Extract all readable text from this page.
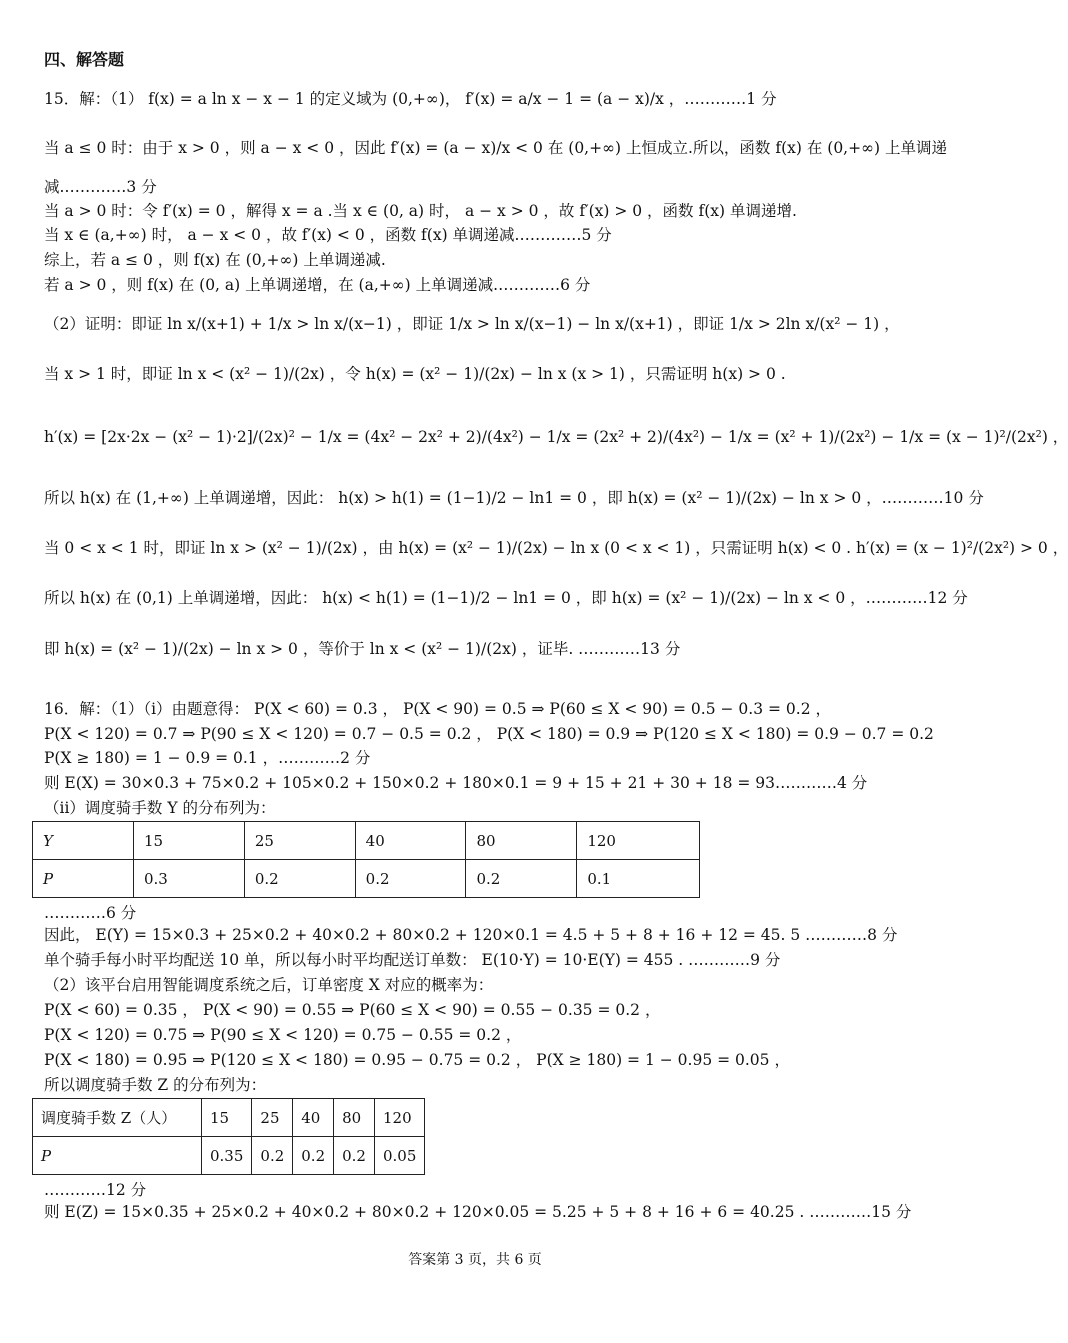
四、解答题
15．解：（1） f(x) = a ln x − x − 1 的定义域为 (0,+∞)， f′(x) = a/x − 1 = (a − x)/x ，…………1 分
当 a ≤ 0 时：由于 x > 0 ，则 a − x < 0 ，因此 f′(x) = (a − x)/x < 0 在 (0,+∞) 上恒成立.所以，函数 f(x) 在 (0,+∞) 上单调递
减.…………3 分
当 a > 0 时：令 f′(x) = 0 ，解得 x = a .当 x ∈ (0, a) 时， a − x > 0 ，故 f′(x) > 0 ，函数 f(x) 单调递增.
当 x ∈ (a,+∞) 时， a − x < 0 ，故 f′(x) < 0 ，函数 f(x) 单调递减.…………5 分
综上，若 a ≤ 0 ，则 f(x) 在 (0,+∞) 上单调递减.
若 a > 0 ，则 f(x) 在 (0, a) 上单调递增，在 (a,+∞) 上单调递减.…………6 分
（2）证明：即证 ln x/(x+1) + 1/x > ln x/(x−1) ，即证 1/x > ln x/(x−1) − ln x/(x+1) ，即证 1/x > 2ln x/(x² − 1) ，
当 x > 1 时，即证 ln x < (x² − 1)/(2x) ，令 h(x) = (x² − 1)/(2x) − ln x (x > 1) ，只需证明 h(x) > 0 .
h′(x) = [2x·2x − (x² − 1)·2]/(2x)² − 1/x = (4x² − 2x² + 2)/(4x²) − 1/x = (2x² + 2)/(4x²) − 1/x = (x² + 1)/(2x²) − 1/x = (x − 1)²/(2x²) ，
所以 h(x) 在 (1,+∞) 上单调递增，因此： h(x) > h(1) = (1−1)/2 − ln1 = 0 ，即 h(x) = (x² − 1)/(2x) − ln x > 0 ，…………10 分
当 0 < x < 1 时，即证 ln x > (x² − 1)/(2x) ，由 h(x) = (x² − 1)/(2x) − ln x (0 < x < 1) ，只需证明 h(x) < 0 . h′(x) = (x − 1)²/(2x²) > 0 ，
所以 h(x) 在 (0,1) 上单调递增，因此： h(x) < h(1) = (1−1)/2 − ln1 = 0 ，即 h(x) = (x² − 1)/(2x) − ln x < 0 ，…………12 分
即 h(x) = (x² − 1)/(2x) − ln x > 0 ，等价于 ln x < (x² − 1)/(2x) ，证毕. …………13 分
16．解：（1）（i）由题意得： P(X < 60) = 0.3 ， P(X < 90) = 0.5 ⇒ P(60 ≤ X < 90) = 0.5 − 0.3 = 0.2 ，
P(X < 120) = 0.7 ⇒ P(90 ≤ X < 120) = 0.7 − 0.5 = 0.2 ， P(X < 180) = 0.9 ⇒ P(120 ≤ X < 180) = 0.9 − 0.7 = 0.2
P(X ≥ 180) = 1 − 0.9 = 0.1 ，…………2 分
则 E(X) = 30×0.3 + 75×0.2 + 105×0.2 + 150×0.2 + 180×0.1 = 9 + 15 + 21 + 30 + 18 = 93…………4 分
（ii）调度骑手数 Y 的分布列为：
Y	15	25	40	80	120
P	0.3	0.2	0.2	0.2	0.1
…………6 分
因此， E(Y) = 15×0.3 + 25×0.2 + 40×0.2 + 80×0.2 + 120×0.1 = 4.5 + 5 + 8 + 16 + 12 = 45. 5 …………8 分
单个骑手每小时平均配送 10 单，所以每小时平均配送订单数： E(10·Y) = 10·E(Y) = 455 . …………9 分
（2）该平台启用智能调度系统之后，订单密度 X 对应的概率为：
P(X < 60) = 0.35 ， P(X < 90) = 0.55 ⇒ P(60 ≤ X < 90) = 0.55 − 0.35 = 0.2 ，
P(X < 120) = 0.75 ⇒ P(90 ≤ X < 120) = 0.75 − 0.55 = 0.2 ，
P(X < 180) = 0.95 ⇒ P(120 ≤ X < 180) = 0.95 − 0.75 = 0.2 ， P(X ≥ 180) = 1 − 0.95 = 0.05 ，
所以调度骑手数 Z 的分布列为：
调度骑手数 Z（人）	15	25	40	80	120
P	0.35	0.2	0.2	0.2	0.05
…………12 分
则 E(Z) = 15×0.35 + 25×0.2 + 40×0.2 + 80×0.2 + 120×0.05 = 5.25 + 5 + 8 + 16 + 6 = 40.25 . …………15 分
答案第 3 页，共 6 页
